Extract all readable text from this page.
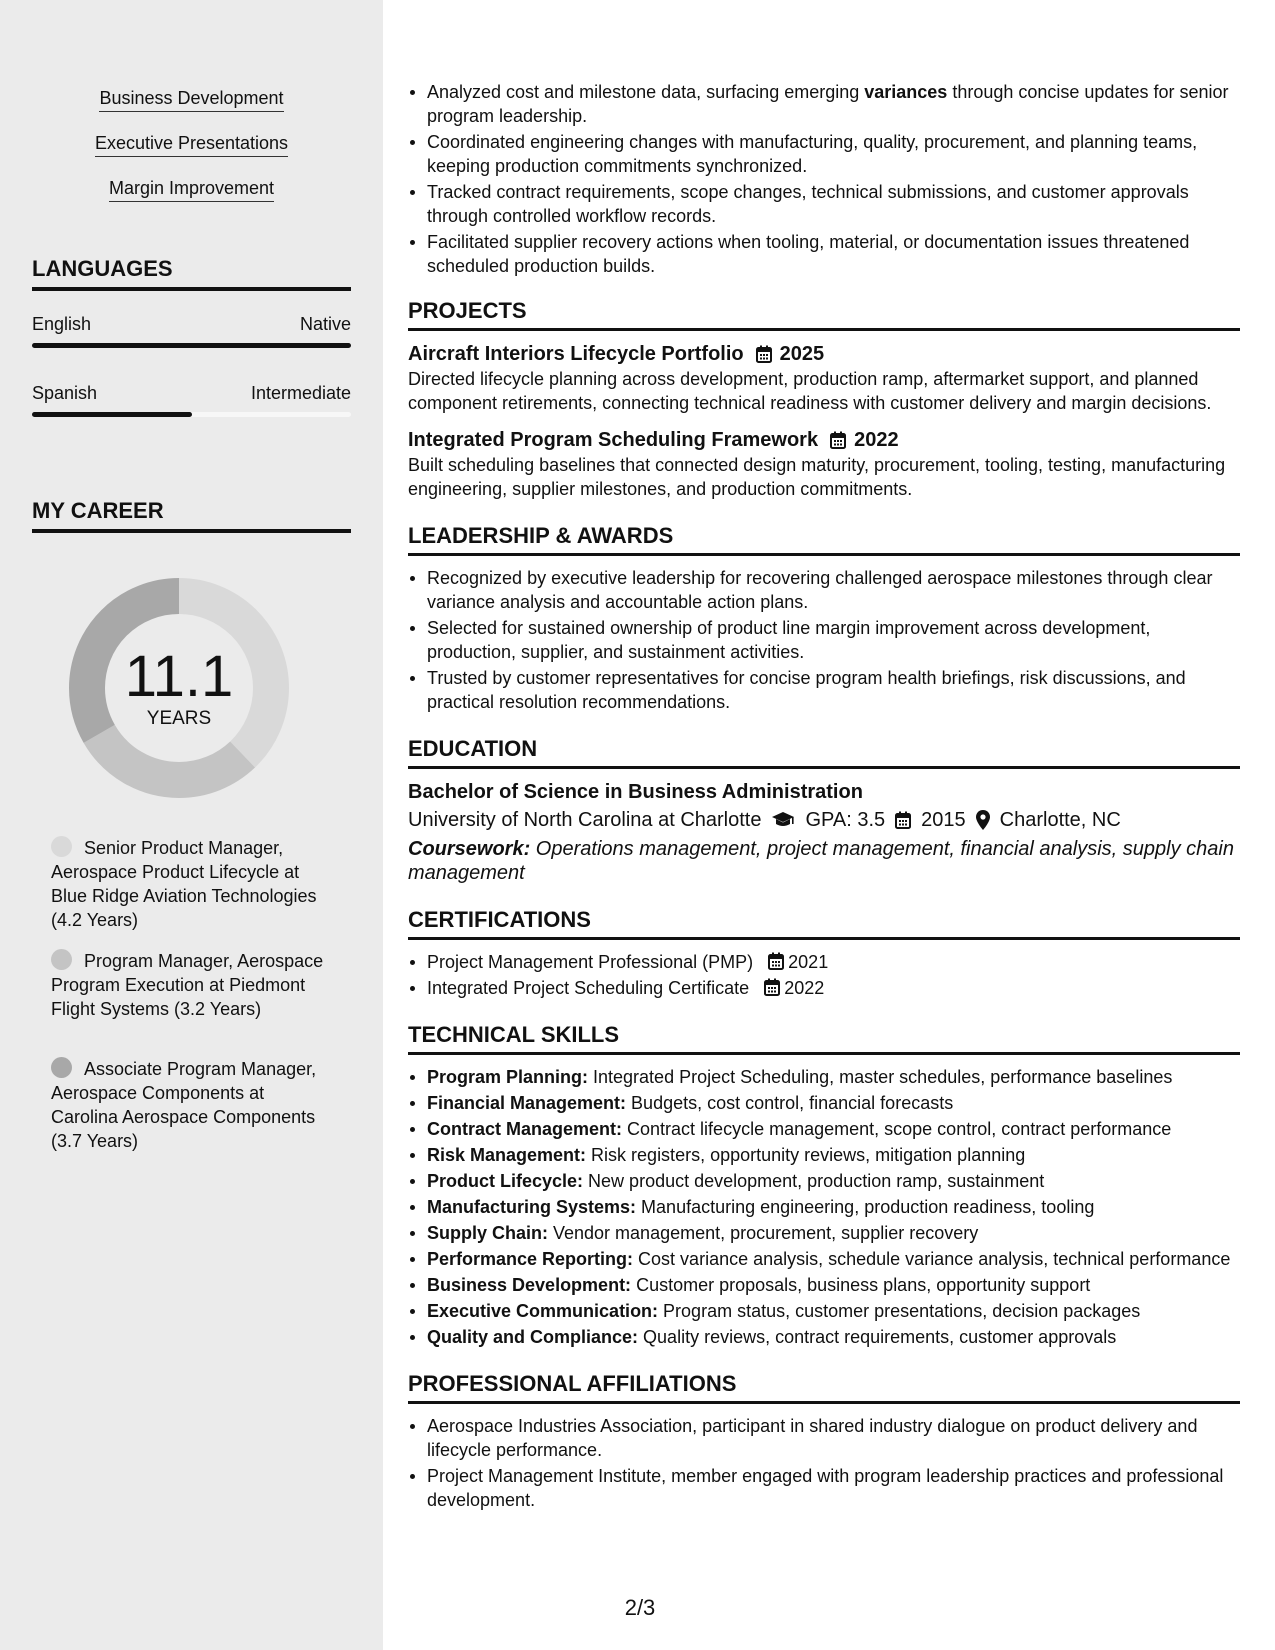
Business Development
Executive Presentations
Margin Improvement
LANGUAGES
English	Native
Spanish	Intermediate
MY CAREER
11.1
YEARS
Senior Product Manager, Aerospace Product Lifecycle at Blue Ridge Aviation Technologies (4.2 Years)
Program Manager, Aerospace Program Execution at Piedmont Flight Systems (3.2 Years)
Associate Program Manager, Aerospace Components at Carolina Aerospace Components (3.7 Years)
Analyzed cost and milestone data, surfacing emerging variances through concise updates for senior program leadership.
Coordinated engineering changes with manufacturing, quality, procurement, and planning teams, keeping production commitments synchronized.
Tracked contract requirements, scope changes, technical submissions, and customer approvals through controlled workflow records.
Facilitated supplier recovery actions when tooling, material, or documentation issues threatened scheduled production builds.
PROJECTS
Aircraft Interiors Lifecycle Portfolio 2025
Directed lifecycle planning across development, production ramp, aftermarket support, and planned component retirements, connecting technical readiness with customer delivery and margin decisions.
Integrated Program Scheduling Framework 2022
Built scheduling baselines that connected design maturity, procurement, tooling, testing, manufacturing engineering, supplier milestones, and production commitments.
LEADERSHIP & AWARDS
Recognized by executive leadership for recovering challenged aerospace milestones through clear variance analysis and accountable action plans.
Selected for sustained ownership of product line margin improvement across development, production, supplier, and sustainment activities.
Trusted by customer representatives for concise program health briefings, risk discussions, and practical resolution recommendations.
EDUCATION
Bachelor of Science in Business Administration
University of North Carolina at Charlotte GPA: 3.5 2015 Charlotte, NC
Coursework: Operations management, project management, financial analysis, supply chain management
CERTIFICATIONS
Project Management Professional (PMP) 2021
Integrated Project Scheduling Certificate 2022
TECHNICAL SKILLS
Program Planning: Integrated Project Scheduling, master schedules, performance baselines
Financial Management: Budgets, cost control, financial forecasts
Contract Management: Contract lifecycle management, scope control, contract performance
Risk Management: Risk registers, opportunity reviews, mitigation planning
Product Lifecycle: New product development, production ramp, sustainment
Manufacturing Systems: Manufacturing engineering, production readiness, tooling
Supply Chain: Vendor management, procurement, supplier recovery
Performance Reporting: Cost variance analysis, schedule variance analysis, technical performance
Business Development: Customer proposals, business plans, opportunity support
Executive Communication: Program status, customer presentations, decision packages
Quality and Compliance: Quality reviews, contract requirements, customer approvals
PROFESSIONAL AFFILIATIONS
Aerospace Industries Association, participant in shared industry dialogue on product delivery and lifecycle performance.
Project Management Institute, member engaged with program leadership practices and professional development.
2/3
